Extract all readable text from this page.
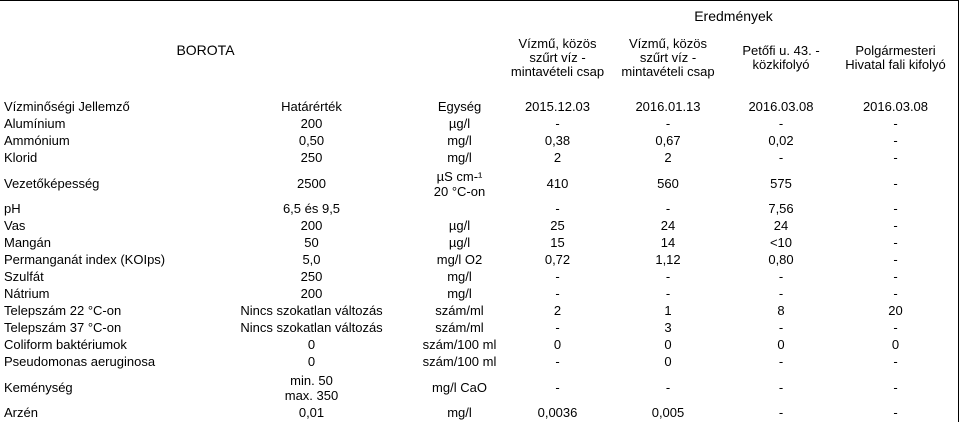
BOROTA			Eredmények			
			Vízmű, közös
szűrt víz -
mintavételi csap	Vízmű, közös
szűrt víz -
mintavételi csap	Petőfi u. 43. -
közkifolyó	Polgármesteri
Hivatal fali kifolyó

Vízminőségi Jellemző	Határérték	Egység	2015.12.03	2016.01.13	2016.03.08	2016.03.08
Alumínium	200	µg/l	-	-	-	-
Ammónium	0,50	mg/l	0,38	0,67	0,02	-
Klorid	250	mg/l	2	2	-	-
Vezetőképesség	2500	µS cm-¹
20 °C-on	410	560	575	-
pH	6,5 és 9,5		-	-	7,56	-
Vas	200	µg/l	25	24	24	-
Mangán	50	µg/l	15	14	<10	-
Permanganát index (KOIps)	5,0	mg/l O2	0,72	1,12	0,80	-
Szulfát	250	mg/l	-	-	-	-
Nátrium	200	mg/l	-	-	-	-
Telepszám 22 °C-on	Nincs szokatlan változás	szám/ml	2	1	8	20
Telepszám 37 °C-on	Nincs szokatlan változás	szám/ml	-	3	-	-
Coliform baktériumok	0	szám/100 ml	0	0	0	0
Pseudomonas aeruginosa	0	szám/100 ml	-	0	-	-
Keménység	min. 50
max. 350	mg/l CaO	-	-	-	-
Arzén	0,01	mg/l	0,0036	0,005	-	-
